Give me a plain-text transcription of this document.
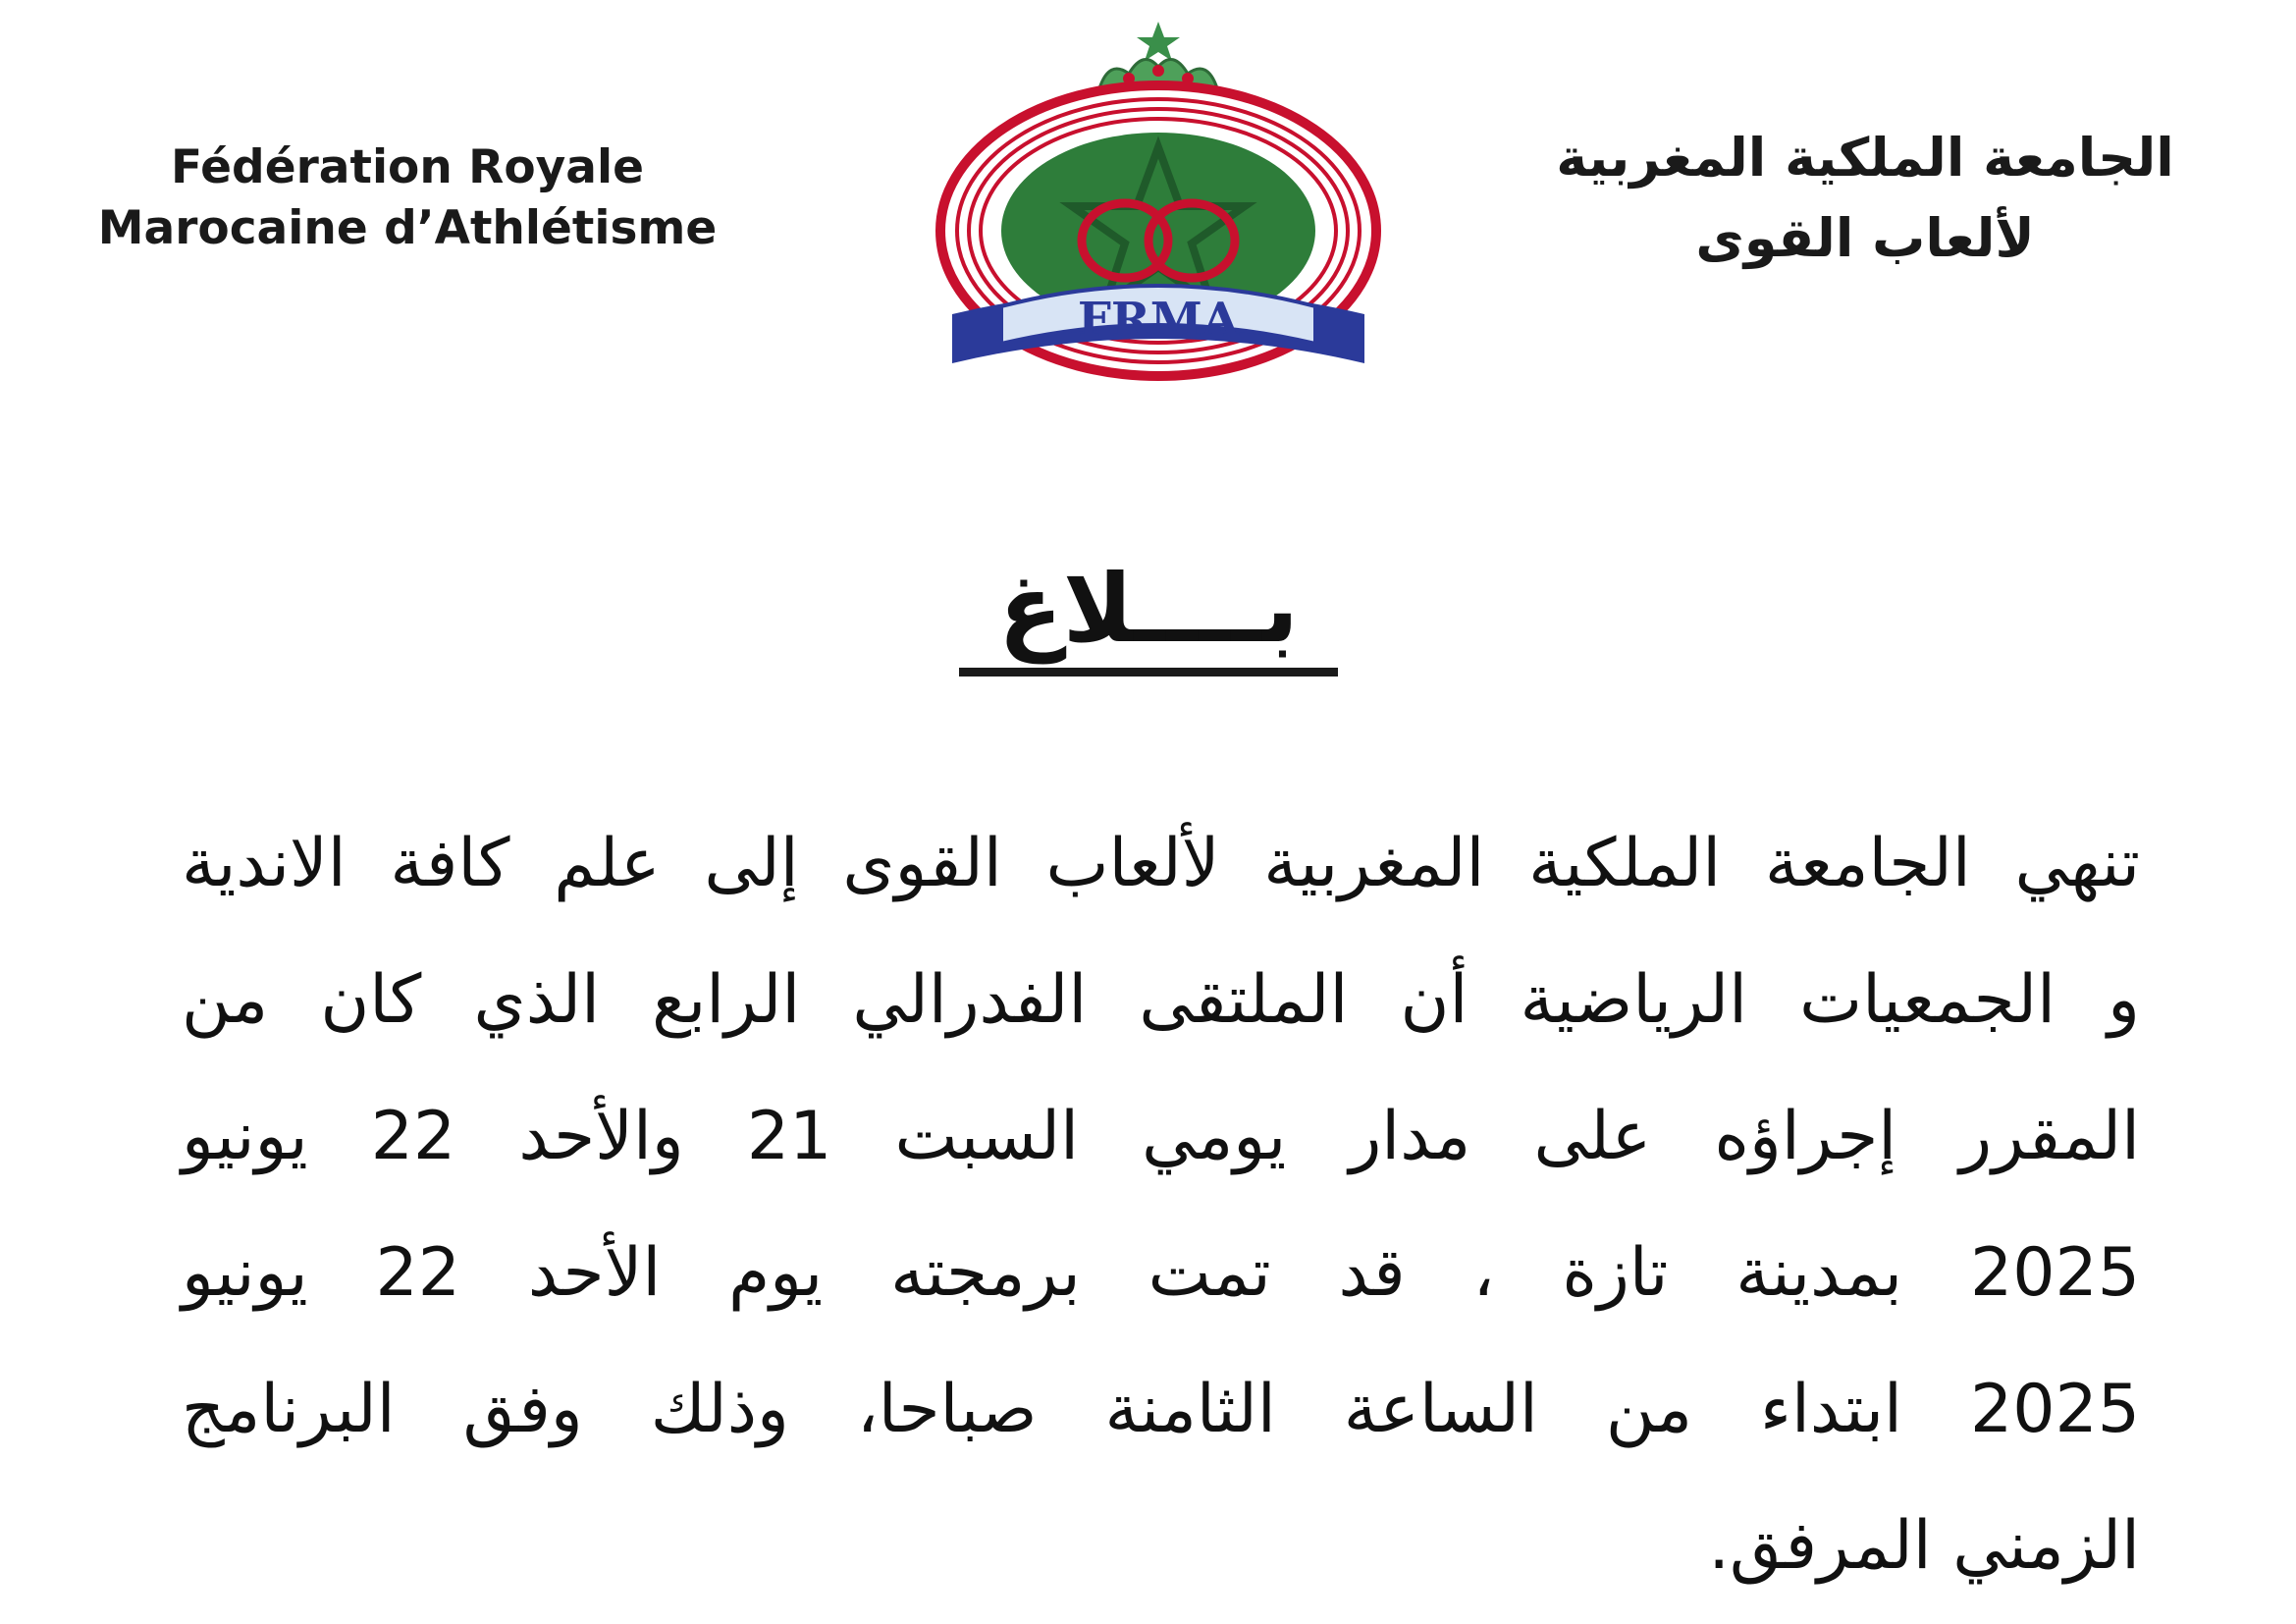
Fédération Royale
Marocaine d’Athlétisme
FRMA
الجامعة الملكية المغربية
لألعاب القوى
بــــلاغ
تنهي الجامعة الملكية المغربية لألعاب القوى إلى علم كافة الاندية
و الجمعيات الرياضية أن الملتقى الفدرالي الرابع الذي كان من
المقرر إجراؤه على مدار يومي السبت 21 والأحد 22 يونيو
2025 بمدينة تازة ، قد تمت برمجته يوم الأحد 22 يونيو
2025 ابتداء من الساعة الثامنة صباحا، وذلك وفق البرنامج
الزمني المرفق.
